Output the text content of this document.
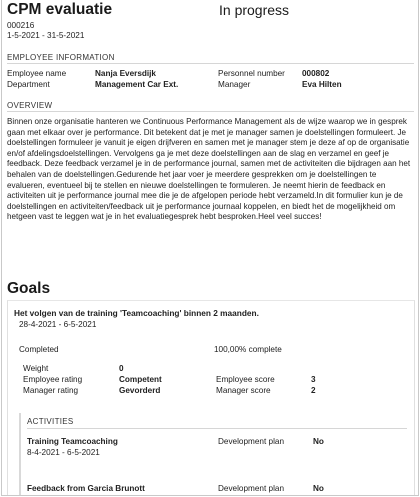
CPM evaluatie	In progress
000216
1-5-2021 - 31-5-2021
EMPLOYEE INFORMATION
Employee name	Nanja Eversdijk	Personnel number 000802
Department	Management Car Ext.	Manager	Eva Hilten
OVERVIEW
Binnen onze organisatie hanteren we Continuous Performance Management als de wijze waarop we in gesprek gaan met elkaar over je performance. Dit betekent dat je met je manager samen je doelstellingen formuleert. Je doelstellingen formuleer je vanuit je eigen drijfveren en samen met je manager stem je deze af op de organisatie en/of afdelingsdoelstellingen. Vervolgens ga je met deze doelstellingen aan de slag en verzamel en geef je feedback. Deze feedback verzamel je in de performance journal, samen met de activiteiten die bijdragen aan het behalen van de doelstellingen.Gedurende het jaar voer je meerdere gesprekken om je doelstellingen te evalueren, eventueel bij te stellen en nieuwe doelstellingen te formuleren. Je neemt hierin de feedback en activiteiten uit je performance journal mee die je de afgelopen periode hebt verzameld.In dit formulier kun je de doelstellingen en activiteiten/feedback uit je performance journaal koppelen, en biedt het de mogelijkheid om hetgeen vast te leggen wat je in het evaluatiegesprek hebt besproken.Heel veel succes!
Goals
Het volgen van de training 'Teamcoaching' binnen 2 maanden.
28-4-2021 - 6-5-2021
Completed	100,00% complete
Weight	0
Employee rating	Competent	Employee score	3
Manager rating	Gevorderd	Manager score	2
ACTIVITIES
Training Teamcoaching
8-4-2021 - 6-5-2021
Development plan	No
Feedback from Garcia Brunott	Development plan	No
